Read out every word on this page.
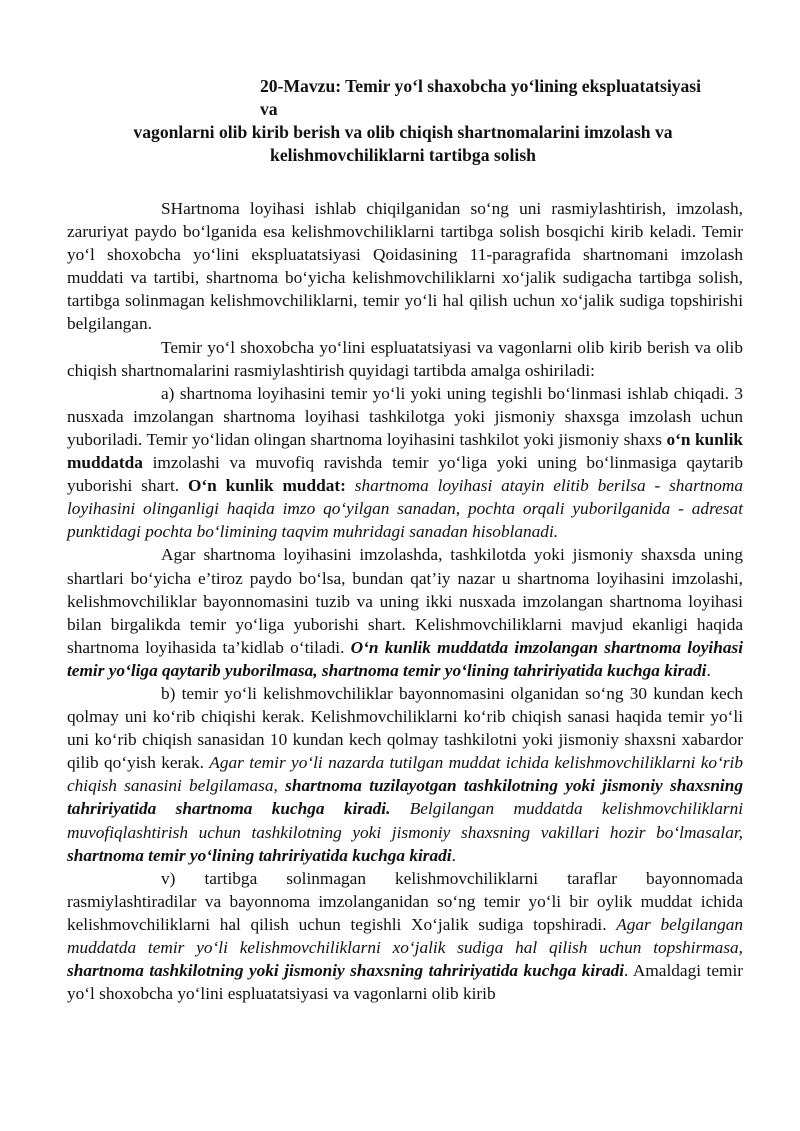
20-Mavzu: Temir yo‘l shaxobcha yo‘lining ekspluatatsiyasi va
vagonlarni olib kirib berish va olib chiqish shartnomalarini imzolash va
kelishmovchiliklarni tartibga solish

SHartnoma loyihasi ishlab chiqilganidan so‘ng uni rasmiylashtirish, imzolash, zaruriyat paydo bo‘lganida esa kelishmovchiliklarni tartibga solish bosqichi kirib keladi. Temir yo‘l shoxobcha yo‘lini ekspluatatsiyasi Qoidasining 11-paragrafida shartnomani imzolash muddati va tartibi, shartnoma bo‘yicha kelishmovchiliklarni xo‘jalik sudigacha tartibga solish, tartibga solinmagan kelishmovchiliklarni, temir yo‘li hal qilish uchun xo‘jalik sudiga topshirishi belgilangan.

Temir yo‘l shoxobcha yo‘lini espluatatsiyasi va vagonlarni olib kirib berish va olib chiqish shartnomalarini rasmiylashtirish quyidagi tartibda amalga oshiriladi:

a) shartnoma loyihasini temir yo‘li yoki uning tegishli bo‘linmasi ishlab chiqadi. 3 nusxada imzolangan shartnoma loyihasi tashkilotga yoki jismoniy shaxsga imzolash uchun yuboriladi. Temir yo‘lidan olingan shartnoma loyihasini tashkilot yoki jismoniy shaxs o‘n kunlik muddatda imzolashi va muvofiq ravishda temir yo‘liga yoki uning bo‘linmasiga qaytarib yuborishi shart. O‘n kunlik muddat: shartnoma loyihasi atayin elitib berilsa - shartnoma loyihasini olinganligi haqida imzo qo‘yilgan sanadan, pochta orqali yuborilganida - adresat punktidagi pochta bo‘limining taqvim muhridagi sanadan hisoblanadi.

Agar shartnoma loyihasini imzolashda, tashkilotda yoki jismoniy shaxsda uning shartlari bo‘yicha e’tiroz paydo bo‘lsa, bundan qat’iy nazar u shartnoma loyihasini imzolashi, kelishmovchiliklar bayonnomasini tuzib va uning ikki nusxada imzolangan shartnoma loyihasi bilan birgalikda temir yo‘liga yuborishi shart. Kelishmovchiliklarni mavjud ekanligi haqida shartnoma loyihasida ta’kidlab o‘tiladi. O‘n kunlik muddatda imzolangan shartnoma loyihasi temir yo‘liga qaytarib yuborilmasa, shartnoma temir yo‘lining tahririyatida kuchga kiradi.

b) temir yo‘li kelishmovchiliklar bayonnomasini olganidan so‘ng 30 kundan kech qolmay uni ko‘rib chiqishi kerak. Kelishmovchiliklarni ko‘rib chiqish sanasi haqida temir yo‘li uni ko‘rib chiqish sanasidan 10 kundan kech qolmay tashkilotni yoki jismoniy shaxsni xabardor qilib qo‘yish kerak. Agar temir yo‘li nazarda tutilgan muddat ichida kelishmovchiliklarni ko‘rib chiqish sanasini belgilamasa, shartnoma tuzilayotgan tashkilotning yoki jismoniy shaxsning tahririyatida shartnoma kuchga kiradi. Belgilangan muddatda kelishmovchiliklarni muvofiqlashtirish uchun tashkilotning yoki jismoniy shaxsning vakillari hozir bo‘lmasalar, shartnoma temir yo‘lining tahririyatida kuchga kiradi.

v) tartibga solinmagan kelishmovchiliklarni taraflar bayonnomada rasmiylashtiradilar va bayonnoma imzolanganidan so‘ng temir yo‘li bir oylik muddat ichida kelishmovchiliklarni hal qilish uchun tegishli Xo‘jalik sudiga topshiradi. Agar belgilangan muddatda temir yo‘li kelishmovchiliklarni xo‘jalik sudiga hal qilish uchun topshirmasa, shartnoma tashkilotning yoki jismoniy shaxsning tahririyatida kuchga kiradi. Amaldagi temir yo‘l shoxobcha yo‘lini espluatatsiyasi va vagonlarni olib kirib
